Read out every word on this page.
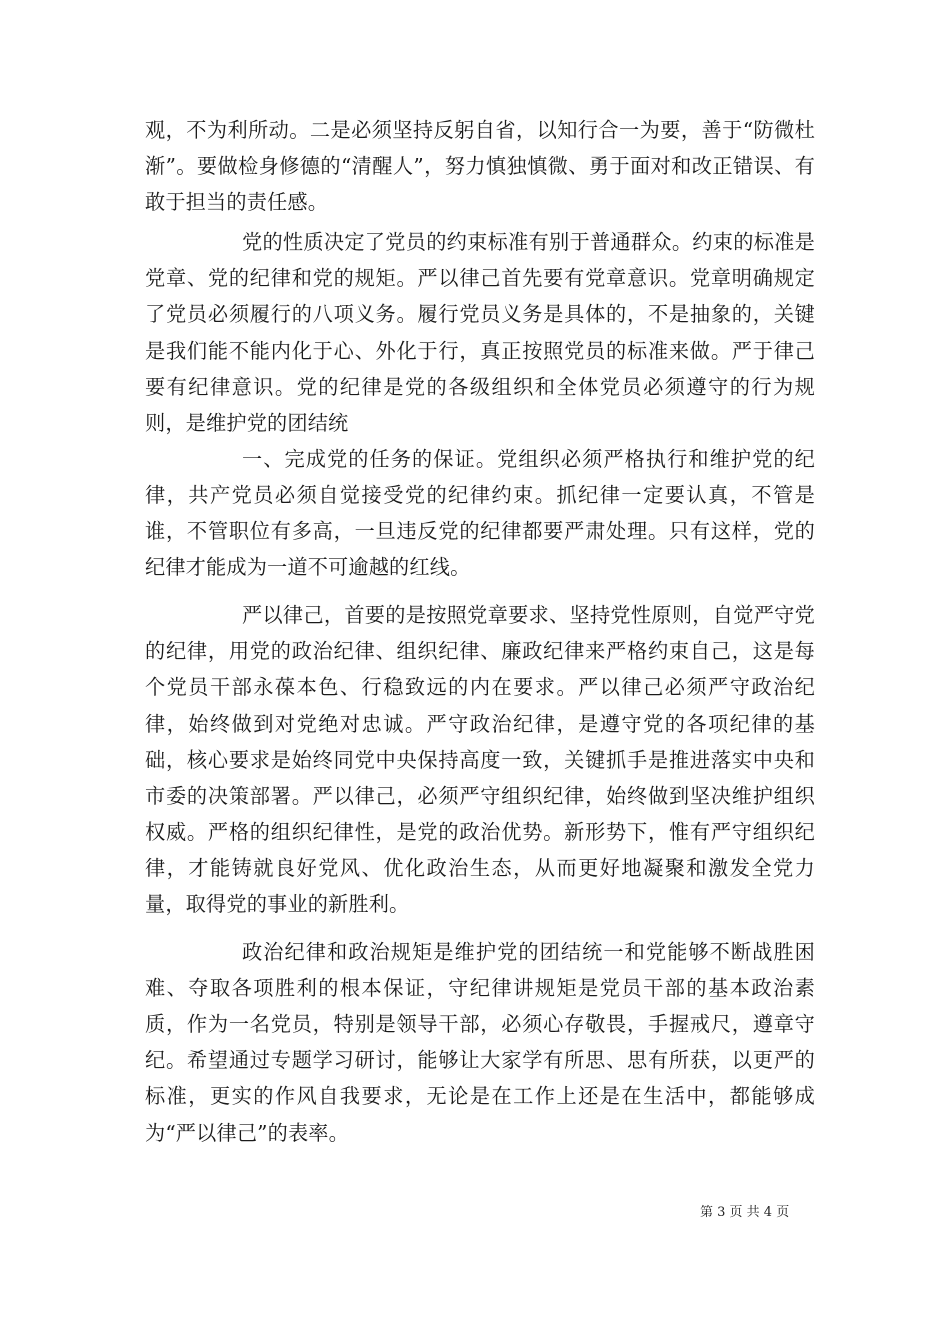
观，不为利所动。二是必须坚持反躬自省，以知行合一为要，善于“防微杜渐”。要做检身修德的“清醒人”，努力慎独慎微、勇于面对和改正错误、有敢于担当的责任感。

党的性质决定了党员的约束标准有别于普通群众。约束的标准是党章、党的纪律和党的规矩。严以律己首先要有党章意识。党章明确规定了党员必须履行的八项义务。履行党员义务是具体的，不是抽象的，关键是我们能不能内化于心、外化于行，真正按照党员的标准来做。严于律己要有纪律意识。党的纪律是党的各级组织和全体党员必须遵守的行为规则，是维护党的团结统

一、完成党的任务的保证。党组织必须严格执行和维护党的纪律，共产党员必须自觉接受党的纪律约束。抓纪律一定要认真，不管是谁，不管职位有多高，一旦违反党的纪律都要严肃处理。只有这样，党的纪律才能成为一道不可逾越的红线。

严以律己，首要的是按照党章要求、坚持党性原则，自觉严守党的纪律，用党的政治纪律、组织纪律、廉政纪律来严格约束自己，这是每个党员干部永葆本色、行稳致远的内在要求。严以律己必须严守政治纪律，始终做到对党绝对忠诚。严守政治纪律，是遵守党的各项纪律的基础，核心要求是始终同党中央保持高度一致，关键抓手是推进落实中央和市委的决策部署。严以律己，必须严守组织纪律，始终做到坚决维护组织权威。严格的组织纪律性，是党的政治优势。新形势下，惟有严守组织纪律，才能铸就良好党风、优化政治生态，从而更好地凝聚和激发全党力量，取得党的事业的新胜利。

政治纪律和政治规矩是维护党的团结统一和党能够不断战胜困难、夺取各项胜利的根本保证，守纪律讲规矩是党员干部的基本政治素质，作为一名党员，特别是领导干部，必须心存敬畏，手握戒尺，遵章守纪。希望通过专题学习研讨，能够让大家学有所思、思有所获，以更严的标准，更实的作风自我要求，无论是在工作上还是在生活中，都能够成为“严以律己”的表率。

第 3 页 共 4 页
